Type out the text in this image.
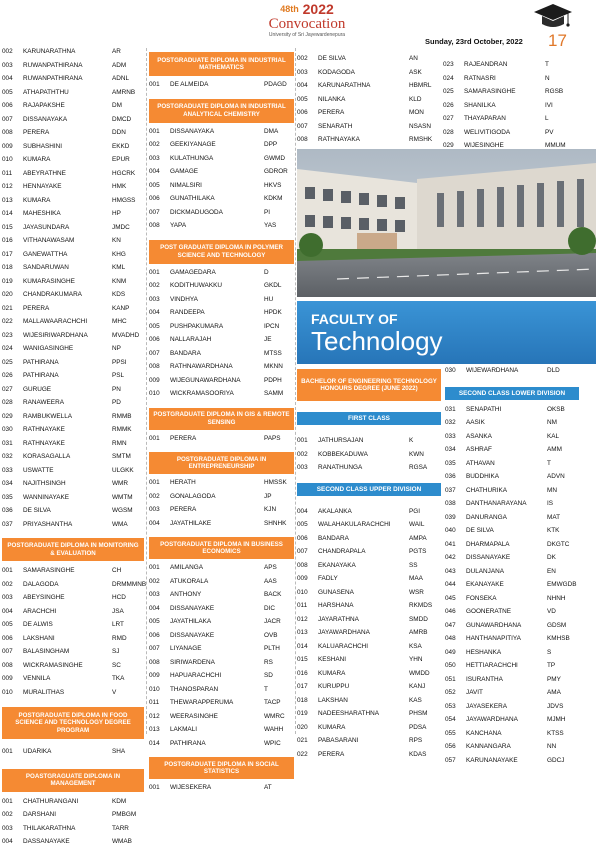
$^{48th}$ 2022
Convocation
University of Sri Jayewardenepura
Sunday, 23rd October, 2022 17
002	KARUNARATHNA	AR
003	RUWANPATHIRANA	ADM
004	RUWANPATHIRANA	ADNL
005	ATHAPATHTHU	AMRNB
006	RAJAPAKSHE	DM
007	DISSANAYAKA	DMCD
008	PERERA	DDN
009	SUBHASHINI	EKKD
010	KUMARA	EPUR
011	ABEYRATHNE	HGCRK
012	HENNAYAKE	HMK
013	KUMARA	HMGSS
014	MAHESHIKA	HP
015	JAYASUNDARA	JMDC
016	VITHANAWASAM	KN
017	GANEWATTHA	KHG
018	SANDARUWAN	KML
019	KUMARASINGHE	KNM
020	CHANDRAKUMARA	KDS
021	PERERA	KANP
022	MALLAWAARACHCHI	MHC
023	WIJESIRIWARDHANA	MVADHD
024	WANIGASINGHE	NP
025	PATHIRANA	PPSI
026	PATHIRANA	PSL
027	GURUGE	PN
028	RANAWEERA	PD
029	RAMBUKWELLA	RMMB
030	RATHNAYAKE	RMMK
031	RATHNAYAKE	RMN
032	KORASAGALLA	SMTM
033	USWATTE	ULGKK
034	NAJITHSINGH	WMR
035	WANNINAYAKE	WMTM
036	DE SILVA	WGSM
037	PRIYASHANTHA	WMA
POSTGRADUATE DIPLOMA IN MONITORING & EVALUATION
001	SAMARASINGHE	CH
002	DALAGODA	DRMMMNB
003	ABEYSINGHE	HCD
004	ARACHCHI	JSA
005	DE ALWIS	LRT
006	LAKSHANI	RMD
007	BALASINGHAM	SJ
008	WICKRAMASINGHE	SC
009	VENNILA	TKA
010	MURALITHAS	V
POSTGRADUATE DIPLOMA IN FOOD SCIENCE AND TECHNOLOGY DEGREE PROGRAM
001	UDARIKA	SHA
POASTGRAGUATE DIPLOMA IN MANAGEMENT
001	CHATHURANGANI	KDM
002	DARSHANI	PMBGM
003	THILAKARATHNA	TARR
004	DASSANAYAKE	WMAB
POSTGRADUATE DIPLOMA IN INDUSTRIAL MATHEMATICS
001	DE ALMEIDA	PDAGD
POSTGRADUATE DIPLOMA IN INDUSTRIAL ANALYTICAL CHEMISTRY
001	DISSANAYAKA	DMA
002	GEEKIYANAGE	DPP
003	KULATHUNGA	GWMD
004	GAMAGE	GDROR
005	NIMALSIRI	HKVS
006	GUNATHILAKA	KDKM
007	DICKMADUGODA	PI
008	YAPA	YAS
POST GRADUATE DIPLOMA IN POLYMER SCIENCE AND TECHNOLOGY
001	GAMAGEDARA	D
002	KODITHUWAKKU	GKDL
003	VINDHYA	HU
004	RANDEEPA	HPDK
005	PUSHPAKUMARA	IPCN
006	NALLARAJAH	JE
007	BANDARA	MTSS
008	RATHNAWARDHANA	MKNN
009	WIJEGUNAWARDHANA	PDPH
010	WICKRAMASOORIYA	SAMM
POSTGRADUATE DIPLOMA IN GIS & REMOTE SENSING
001	PERERA	PAPS
POSTGRADUATE DIPLOMA IN ENTREPRENEURSHIP
001	HERATH	HMSSK
002	GONALAGODA	JP
003	PERERA	KJN
004	JAYATHILAKE	SHNHK
POSTGRADUATE DIPLOMA IN BUSINESS ECONOMICS
001	AMILANGA	APS
002	ATUKORALA	AAS
003	ANTHONY	BACK
004	DISSANAYAKE	DIC
005	JAYATHILAKA	JACR
006	DISSANAYAKE	OVB
007	LIYANAGE	PLTH
008	SIRIWARDENA	RS
009	HAPUARACHCHI	SD
010	THANOSPARAN	T
011	THEWARAPPERUMA	TACP
012	WEERASINGHE	WMRC
013	LAKMALI	WAHH
014	PATHIRANA	WPIC
POSTGRADUATE DIPLOMA IN SOCIAL STATISTICS
001	WIJESEKERA	AT
002	DE SILVA	AN
003	KODAGODA	ASK
004	KARUNARATHNA	HBMRL
005	NILANKA	KLD
006	PERERA	MON
007	SENARATH	NSASN
008	RATHNAYAKA	RMSHK
023	RAJEANDRAN	T
024	RATNASRI	N
025	SAMARASINGHE	RGSB
026	SHANILKA	IVI
027	THAYAPARAN	L
028	WELIVITIGODA	PV
029	WIJESINGHE	MMUM
FACULTY OF
Technology
BACHELOR OF ENGINEERING TECHNOLOGY HONOURS DEGREE (JUNE 2022)
FIRST CLASS
001	JATHURSAJAN	K
002	KOBBEKADUWA	KWN
003	RANATHUNGA	RGSA
SECOND CLASS UPPER DIVISION
004	AKALANKA	PGI
005	WALAHAKULARACHCHI	WAIL
006	BANDARA	AMPA
007	CHANDRAPALA	PGTS
008	EKANAYAKA	SS
009	FADLY	MAA
010	GUNASENA	WSR
011	HARSHANA	RKMDS
012	JAYARATHNA	SMDD
013	JAYAWARDHANA	AMRB
014	KALUARACHCHI	KSA
015	KESHANI	YHN
016	KUMARA	WMDD
017	KURUPPU	KANJ
018	LAKSHAN	KAS
019	NADEESHARATHNA	PHSM
020	KUMARA	PDSA
021	PABASARANI	RPS
022	PERERA	KDAS
030	WIJEWARDHANA	DLD
SECOND CLASS LOWER DIVISION
031	SENAPATHI	OKSB
032	AASIK	NM
033	ASANKA	KAL
034	ASHRAF	AMM
035	ATHAVAN	T
036	BUDDHIKA	ADVN
037	CHATHURIKA	MN
038	DANTHANARAYANA	IS
039	DANURANGA	MAT
040	DE SILVA	KTK
041	DHARMAPALA	DKGTC
042	DISSANAYAKE	DK
043	DULANJANA	EN
044	EKANAYAKE	EMWGDB
045	FONSEKA	NHNH
046	GOONERATNE	VD
047	GUNAWARDHANA	GDSM
048	HANTHANAPITIYA	KMHSB
049	HESHANKA	S
050	HETTIARACHCHI	TP
051	ISURANTHA	PMY
052	JAVIT	AMA
053	JAYASEKERA	JDVS
054	JAYAWARDHANA	MJMH
055	KANCHANA	KTSS
056	KANNANGARA	NN
057	KARUNANAYAKE	GDCJ
